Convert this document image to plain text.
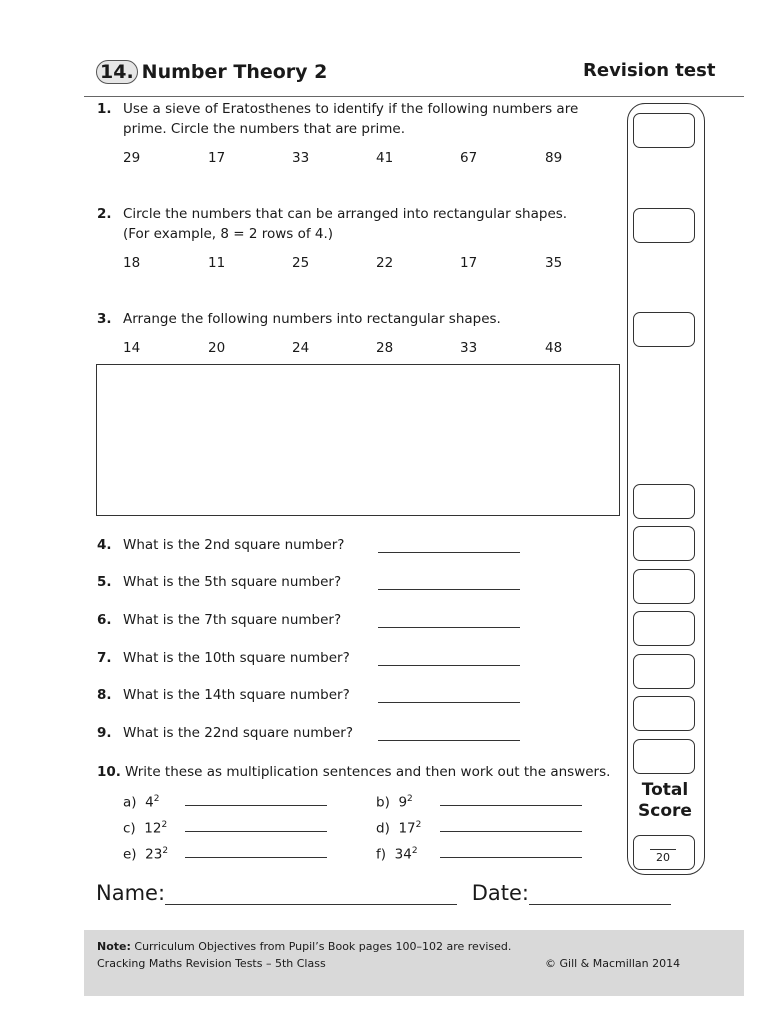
14. Number Theory 2	Revision test
Total
Score
20
1. Use a sieve of Eratosthenes to identify if the following numbers are
prime. Circle the numbers that are prime.
29	17	33	41	67	89
2. Circle the numbers that can be arranged into rectangular shapes.
(For example, 8 = 2 rows of 4.)
18	11	25	22	17	35
3. Arrange the following numbers into rectangular shapes.
14	20	24	28	33	48
4. What is the 2nd square number?
5. What is the 5th square number?
6. What is the 7th square number?
7. What is the 10th square number?
8. What is the 14th square number?
9. What is the 22nd square number?
10. Write these as multiplication sentences and then work out the answers.
a) $4^2$	b) $9^2$
c) $12^2$	d) $17^2$
e) $23^2$	f) $34^2$
Name:	Date:
Note: Curriculum Objectives from Pupil’s Book pages 100–102 are revised.
Cracking Maths Revision Tests – 5th Class	© Gill & Macmillan 2014
